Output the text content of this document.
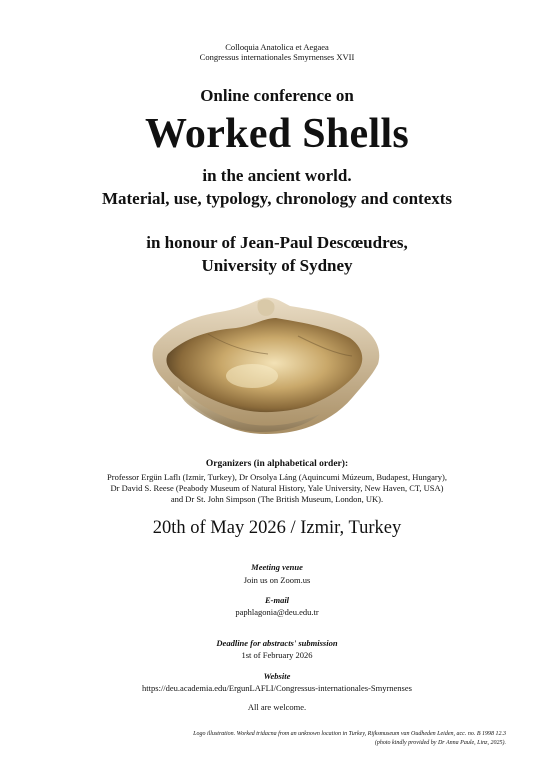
Colloquia Anatolica et Aegaea
Congressus internationales Smyrnenses XVII
Online conference on
Worked Shells
in the ancient world.
Material, use, typology, chronology and contexts
in honour of Jean-Paul Descœudres,
University of Sydney
Organizers (in alphabetical order):
Professor Ergün Laflı (Izmir, Turkey), Dr Orsolya Láng (Aquincumi Múzeum, Budapest, Hungary),
Dr David S. Reese (Peabody Museum of Natural History, Yale University, New Haven, CT, USA)
and Dr St. John Simpson (The British Museum, London, UK).
20th of May 2026 / Izmir, Turkey
Meeting venue
Join us on Zoom.us
E-mail
paphlagonia@deu.edu.tr
Deadline for abstracts' submission
1st of February 2026
Website
https://deu.academia.edu/ErgunLAFLI/Congressus-internationales-Smyrnenses
All are welcome.
Logo illustration. Worked tridacna from an unknown location in Turkey, Rijksmuseum van Oudheden Leiden, acc. no. B 1998 12.3
(photo kindly provided by Dr Anna Paule, Linz, 2025).
